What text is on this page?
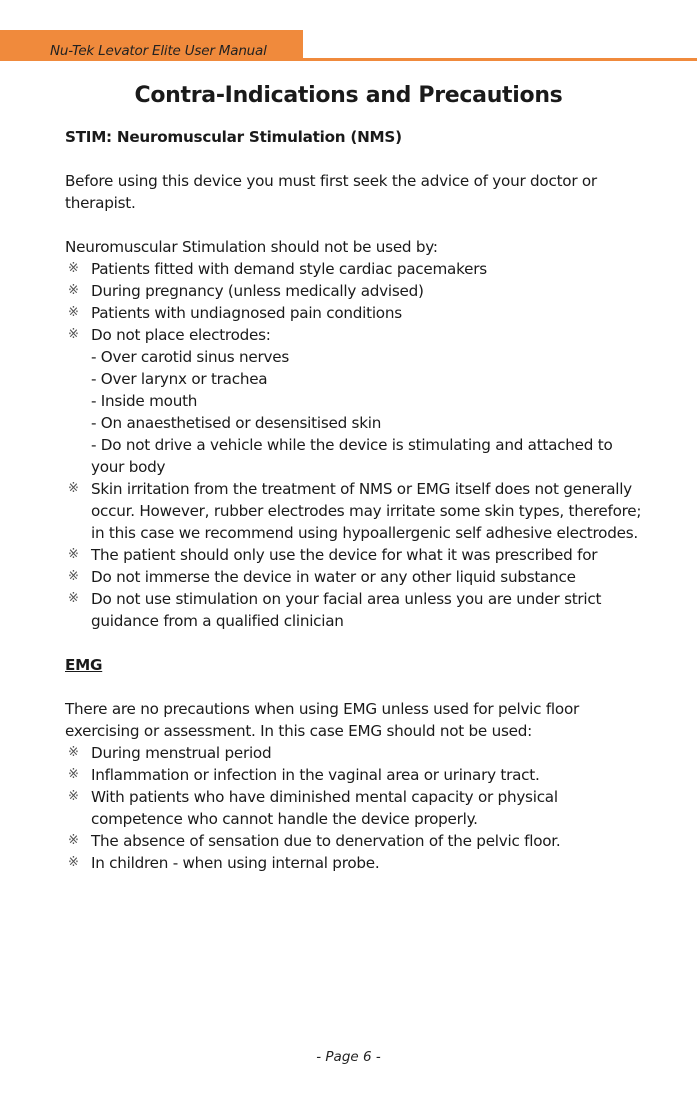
Nu-Tek Levator Elite User Manual
Contra-Indications and Precautions
STIM: Neuromuscular Stimulation (NMS)
Before using this device you must first seek the advice of your doctor or
therapist.
Neuromuscular Stimulation should not be used by:
※ Patients fitted with demand style cardiac pacemakers
※ During pregnancy (unless medically advised)
※ Patients with undiagnosed pain conditions
※ Do not place electrodes:
- Over carotid sinus nerves
- Over larynx or trachea
- Inside mouth
- On anaesthetised or desensitised skin
- Do not drive a vehicle while the device is stimulating and attached to
your body
※ Skin irritation from the treatment of NMS or EMG itself does not generally
occur. However, rubber electrodes may irritate some skin types, therefore;
in this case we recommend using hypoallergenic self adhesive electrodes.
※ The patient should only use the device for what it was prescribed for
※ Do not immerse the device in water or any other liquid substance
※ Do not use stimulation on your facial area unless you are under strict
guidance from a qualified clinician
EMG
There are no precautions when using EMG unless used for pelvic floor
exercising or assessment. In this case EMG should not be used:
※ During menstrual period
※ Inflammation or infection in the vaginal area or urinary tract.
※ With patients who have diminished mental capacity or physical
competence who cannot handle the device properly.
※ The absence of sensation due to denervation of the pelvic floor.
※ In children - when using internal probe.
- Page 6 -
